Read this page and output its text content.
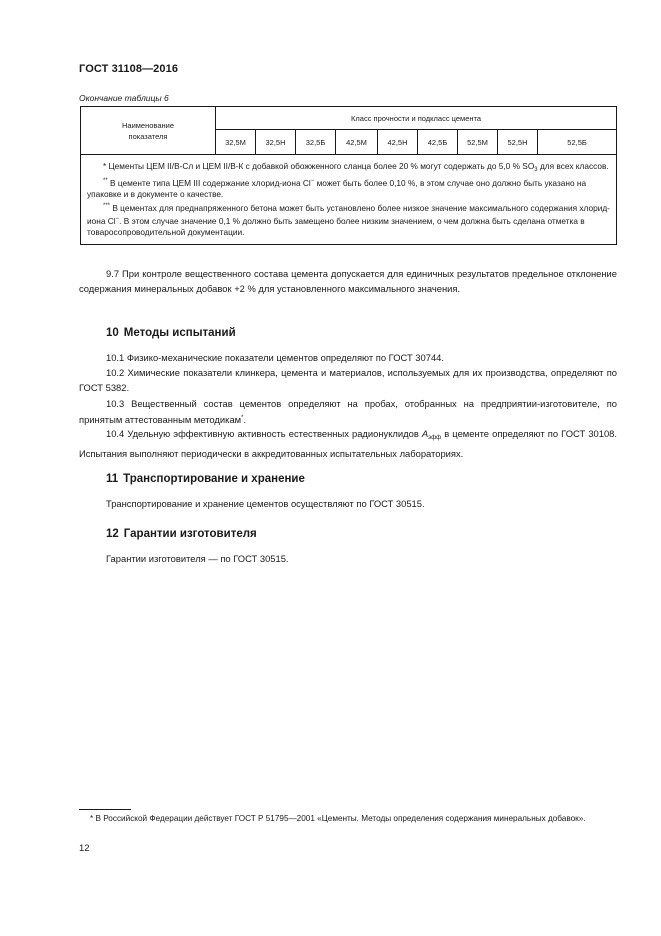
ГОСТ 31108—2016
Окончание таблицы 6
Наименование
показателя	Класс прочности и подкласс цемента								
	32,5М	32,5Н	32,5Б	42,5М	42,5Н	42,5Б	52,5М	52,5Н	52,5Б

* Цементы ЦЕМ II/В-Сл и ЦЕМ II/В-К с добавкой обожженного сланца более 20 % могут содержать до 5,0 % $SO_3$ для всех классов.
** В цементе типа ЦЕМ III содержание хлорид-иона Cl− может быть более 0,10 %, в этом случае оно должно быть указано на упаковке и в документе о качестве.
*** В цементах для преднапряженного бетона может быть установлено более низкое значение максимального содержания хлорид-иона Cl−. В этом случае значение 0,1 % должно быть замещено более низким значением, о чем должна быть сделана отметка в товаросопроводительной документации.									
9.7 При контроле вещественного состава цемента допускается для единичных результатов предельное отклонение содержания минеральных добавок +2 % для установленного максимального значения.
10 Методы испытаний
10.1 Физико-механические показатели цементов определяют по ГОСТ 30744.
10.2 Химические показатели клинкера, цемента и материалов, используемых для их производства, определяют по ГОСТ 5382.
10.3 Вещественный состав цементов определяют на пробах, отобранных на предприятии-изготовителе, по принятым аттестованным методикам*.
10.4 Удельную эффективную активность естественных радионуклидов $A_{эфф}$ в цементе определяют по ГОСТ 30108. Испытания выполняют периодически в аккредитованных испытательных лабораториях.
11 Транспортирование и хранение
Транспортирование и хранение цементов осуществляют по ГОСТ 30515.
12 Гарантии изготовителя
Гарантии изготовителя — по ГОСТ 30515.
* В Российской Федерации действует ГОСТ Р 51795—2001 «Цементы. Методы определения содержания минеральных добавок».
12
